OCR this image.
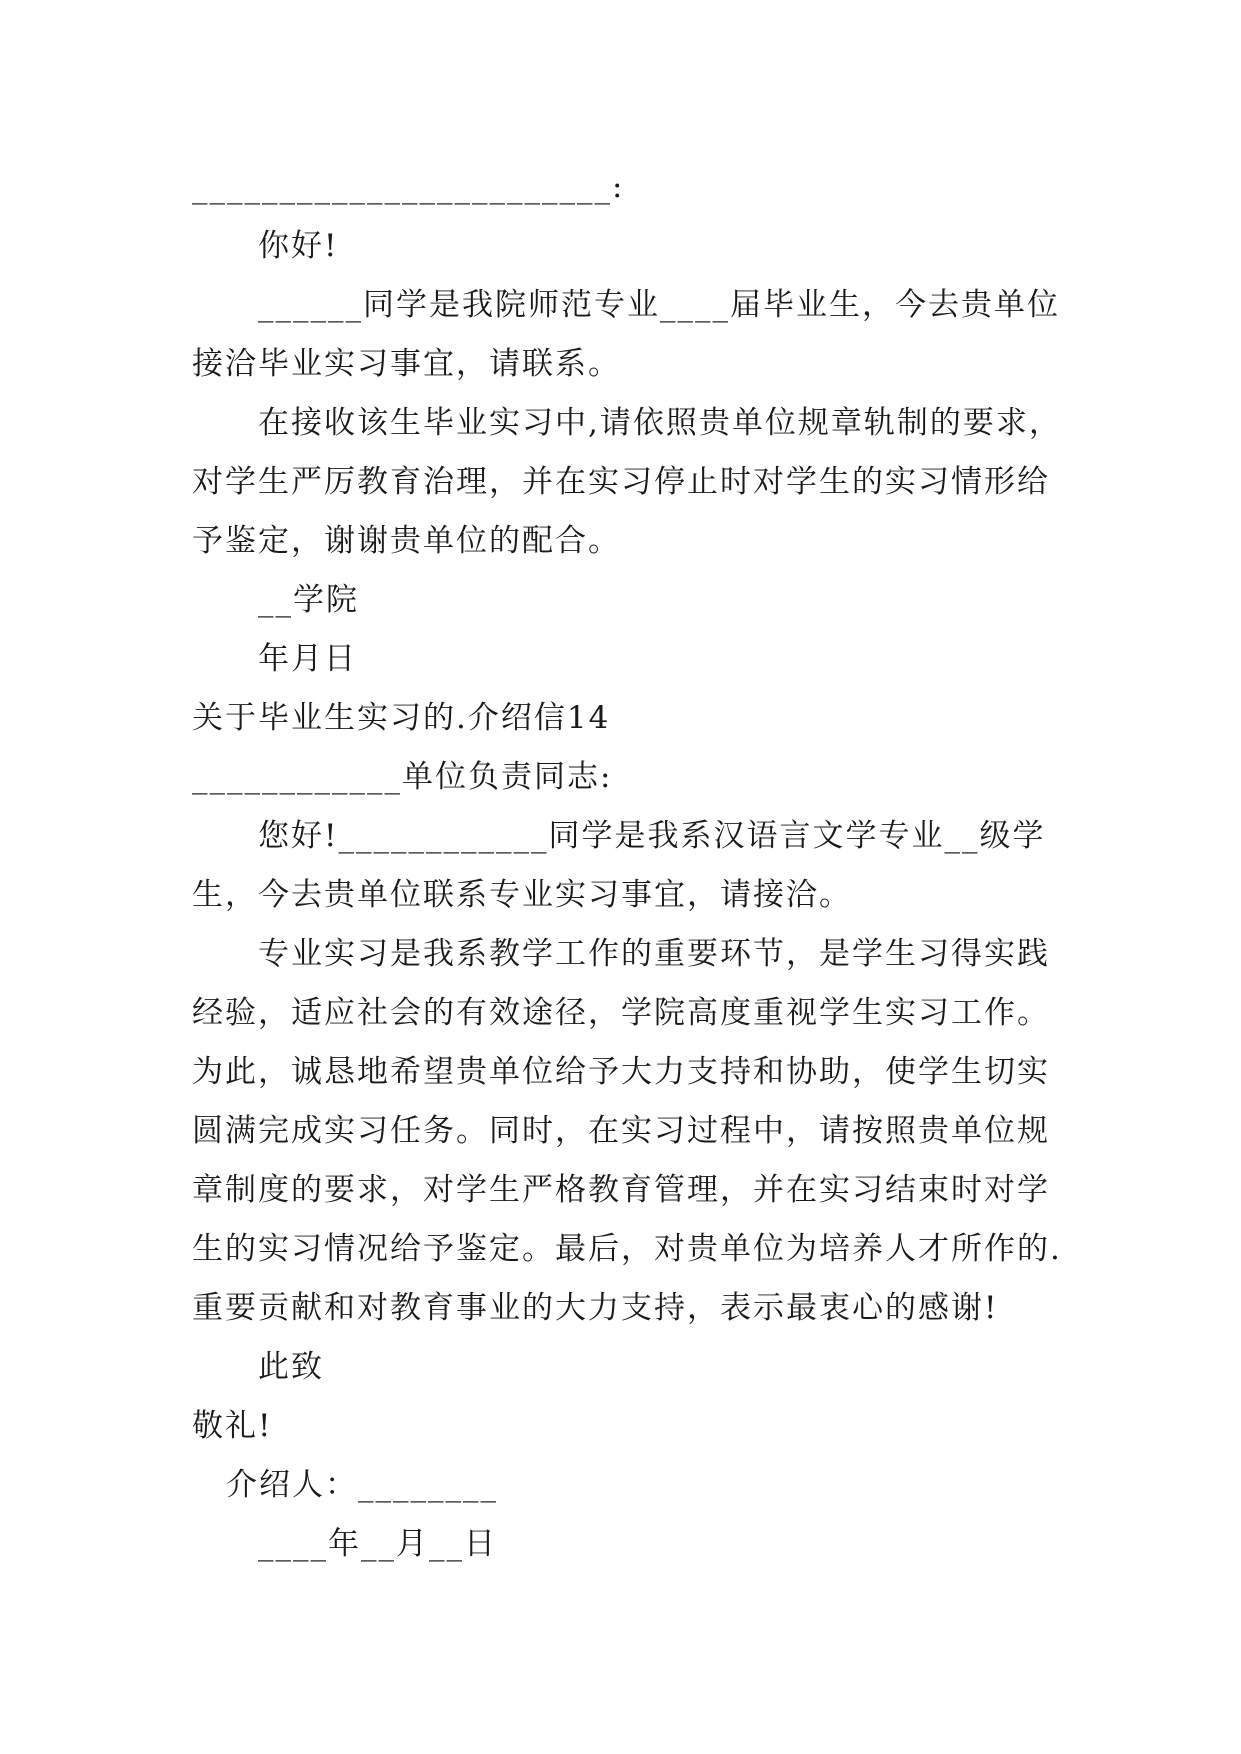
________________________:
你好!
______同学是我院师范专业____届毕业生，今去贵单位
接洽毕业实习事宜，请联系。
在接收该生毕业实习中,请依照贵单位规章轨制的要求，
对学生严厉教育治理，并在实习停止时对学生的实习情形给
予鉴定，谢谢贵单位的配合。
__学院
年月日
关于毕业生实习的.介绍信14
____________单位负责同志:
您好!____________同学是我系汉语言文学专业__级学
生，今去贵单位联系专业实习事宜，请接洽。
专业实习是我系教学工作的重要环节，是学生习得实践
经验，适应社会的有效途径，学院高度重视学生实习工作。
为此，诚恳地希望贵单位给予大力支持和协助，使学生切实
圆满完成实习任务。同时，在实习过程中，请按照贵单位规
章制度的要求，对学生严格教育管理，并在实习结束时对学
生的实习情况给予鉴定。最后，对贵单位为培养人才所作的.
重要贡献和对教育事业的大力支持，表示最衷心的感谢!
此致
敬礼!
介绍人：________
____年__月__日
